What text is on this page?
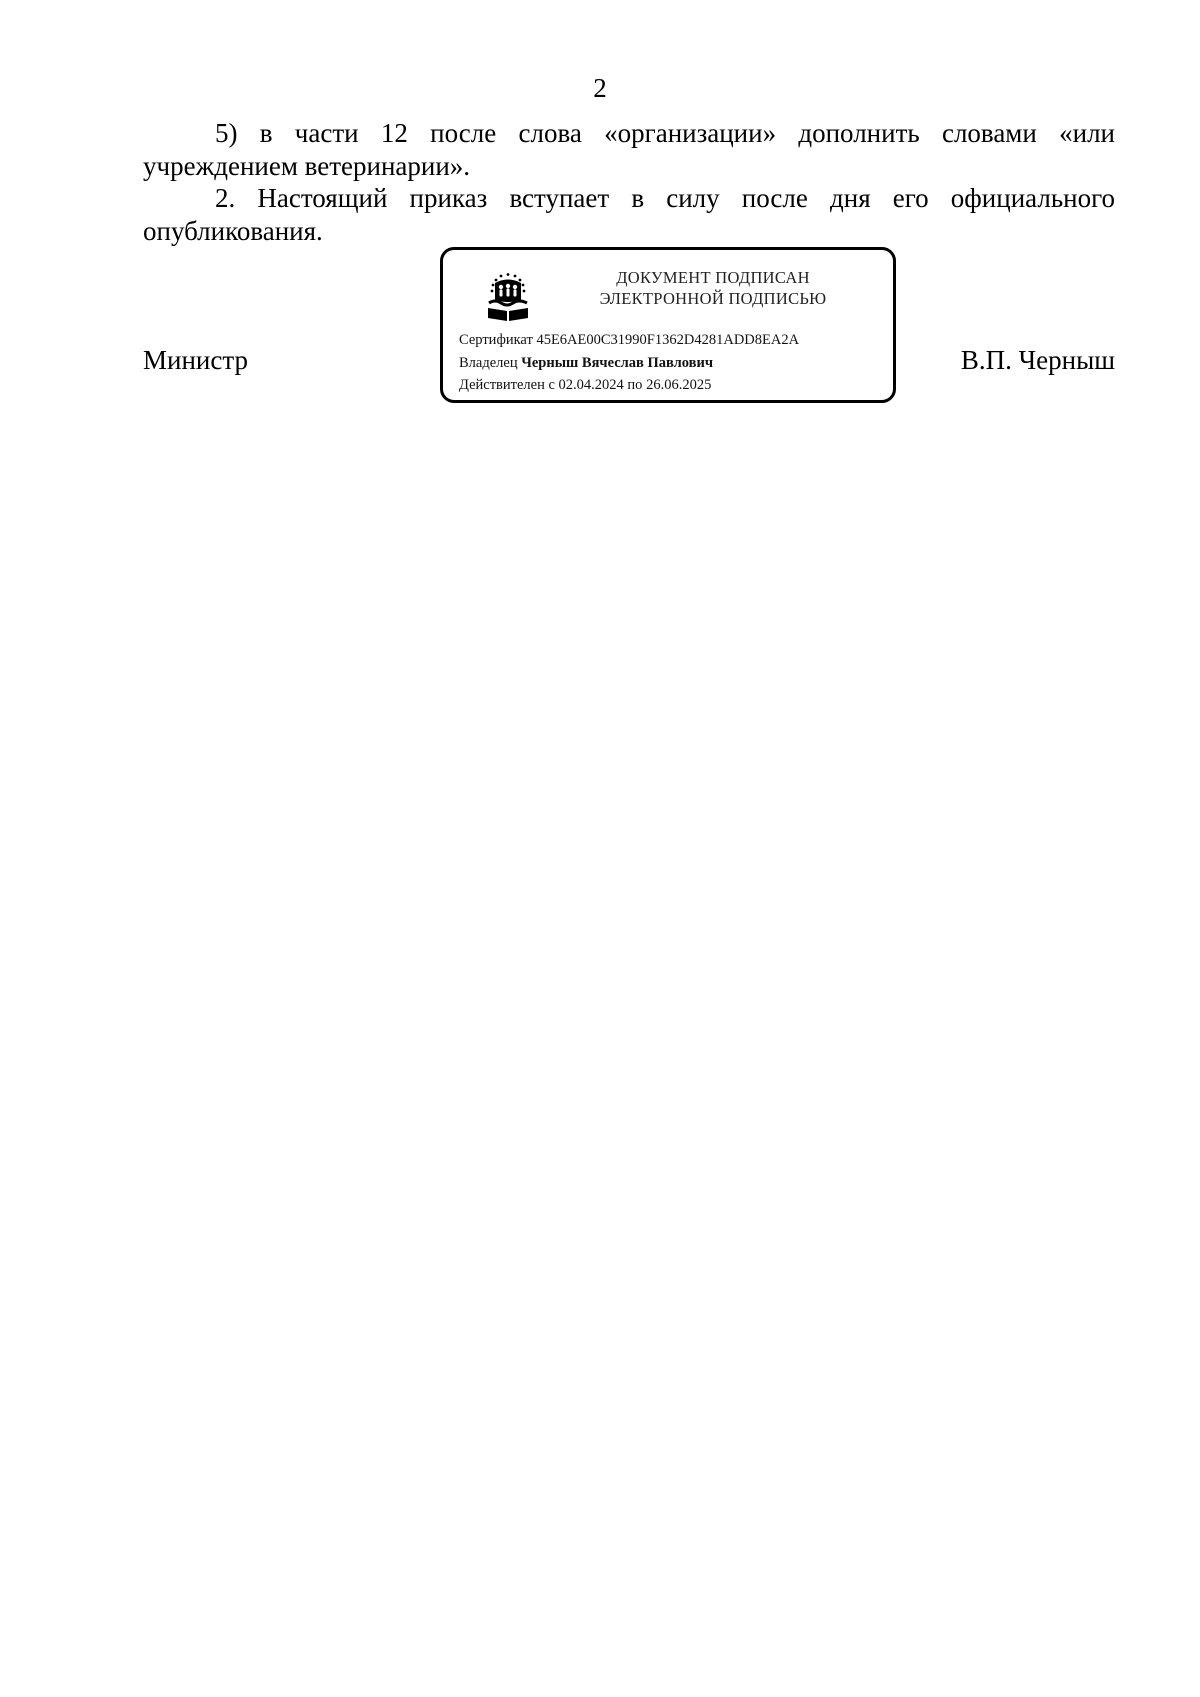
2

5) в части 12 после слова «организации» дополнить словами «или учреждением ветеринарии».

2. Настоящий приказ вступает в силу после дня его официального опубликования.

Министр	В.П. Черныш
ДОКУМЕНТ ПОДПИСАН
ЭЛЕКТРОННОЙ ПОДПИСЬЮ
Сертификат 45E6AE00C31990F1362D4281ADD8EA2A
Владелец Черныш Вячеслав Павлович
Действителен с 02.04.2024 по 26.06.2025
